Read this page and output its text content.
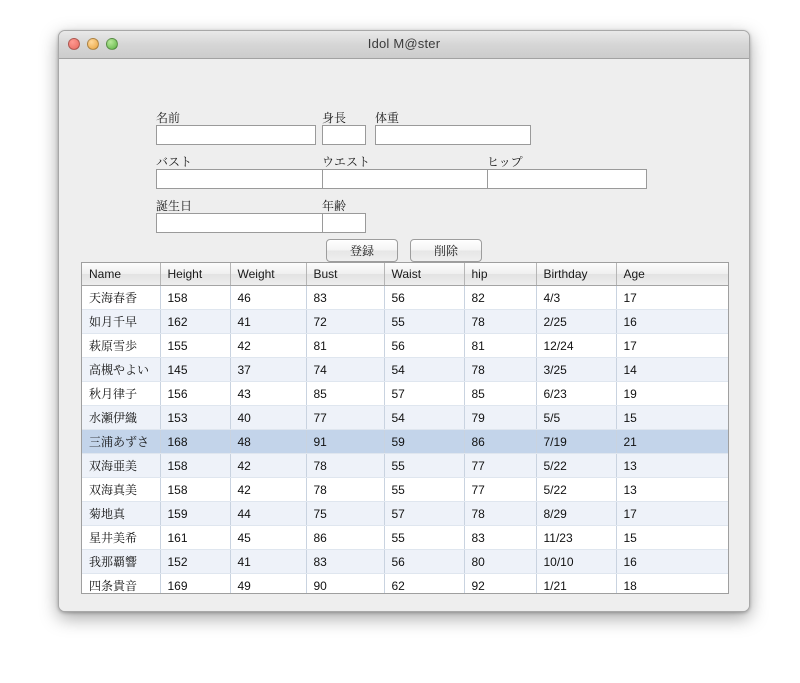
Idol M@ster
名前	身長 体重
バスト	ウエスト	ヒップ
誕生日	年齢
登録	削除
Name	Height	Weight	Bust	Waist	hip	Birthday	Age
天海春香	158	46	83	56	82	4/3	17
如月千早	162	41	72	55	78	2/25	16
萩原雪歩	155	42	81	56	81	12/24	17
高槻やよい	145	37	74	54	78	3/25	14
秋月律子	156	43	85	57	85	6/23	19
水瀬伊織	153	40	77	54	79	5/5	15
三浦あずさ	168	48	91	59	86	7/19	21
双海亜美	158	42	78	55	77	5/22	13
双海真美	158	42	78	55	77	5/22	13
菊地真	159	44	75	57	78	8/29	17
星井美希	161	45	86	55	83	11/23	15
我那覇響	152	41	83	56	80	10/10	16
四条貴音	169	49	90	62	92	1/21	18
